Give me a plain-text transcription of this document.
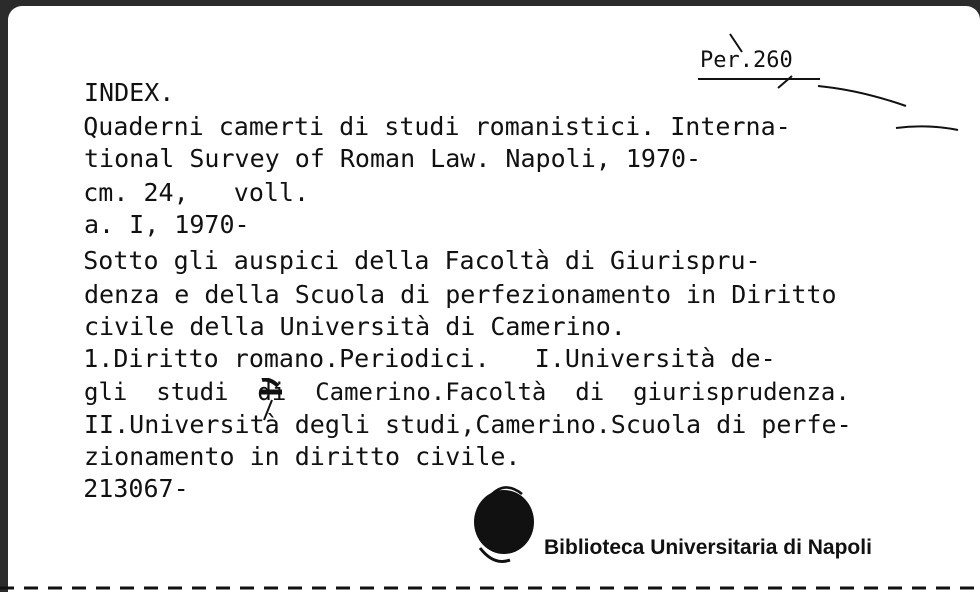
Per.260
INDEX.
Quaderni camerti di studi romanistici. Interna-
tional Survey of Roman Law. Napoli, 1970-
cm. 24,   voll.
a. I, 1970-
Sotto gli auspici della Facoltà di Giurispru-
denza e della Scuola di perfezionamento in Diritto
civile della Università di Camerino.
1.Diritto romano.Periodici.   I.Università de-
gli  studi  di  Camerino.Facoltà  di  giurisprudenza.
II.Università degli studi,Camerino.Scuola di perfe-
zionamento in diritto civile.
213067-
Biblioteca Universitaria di Napoli
